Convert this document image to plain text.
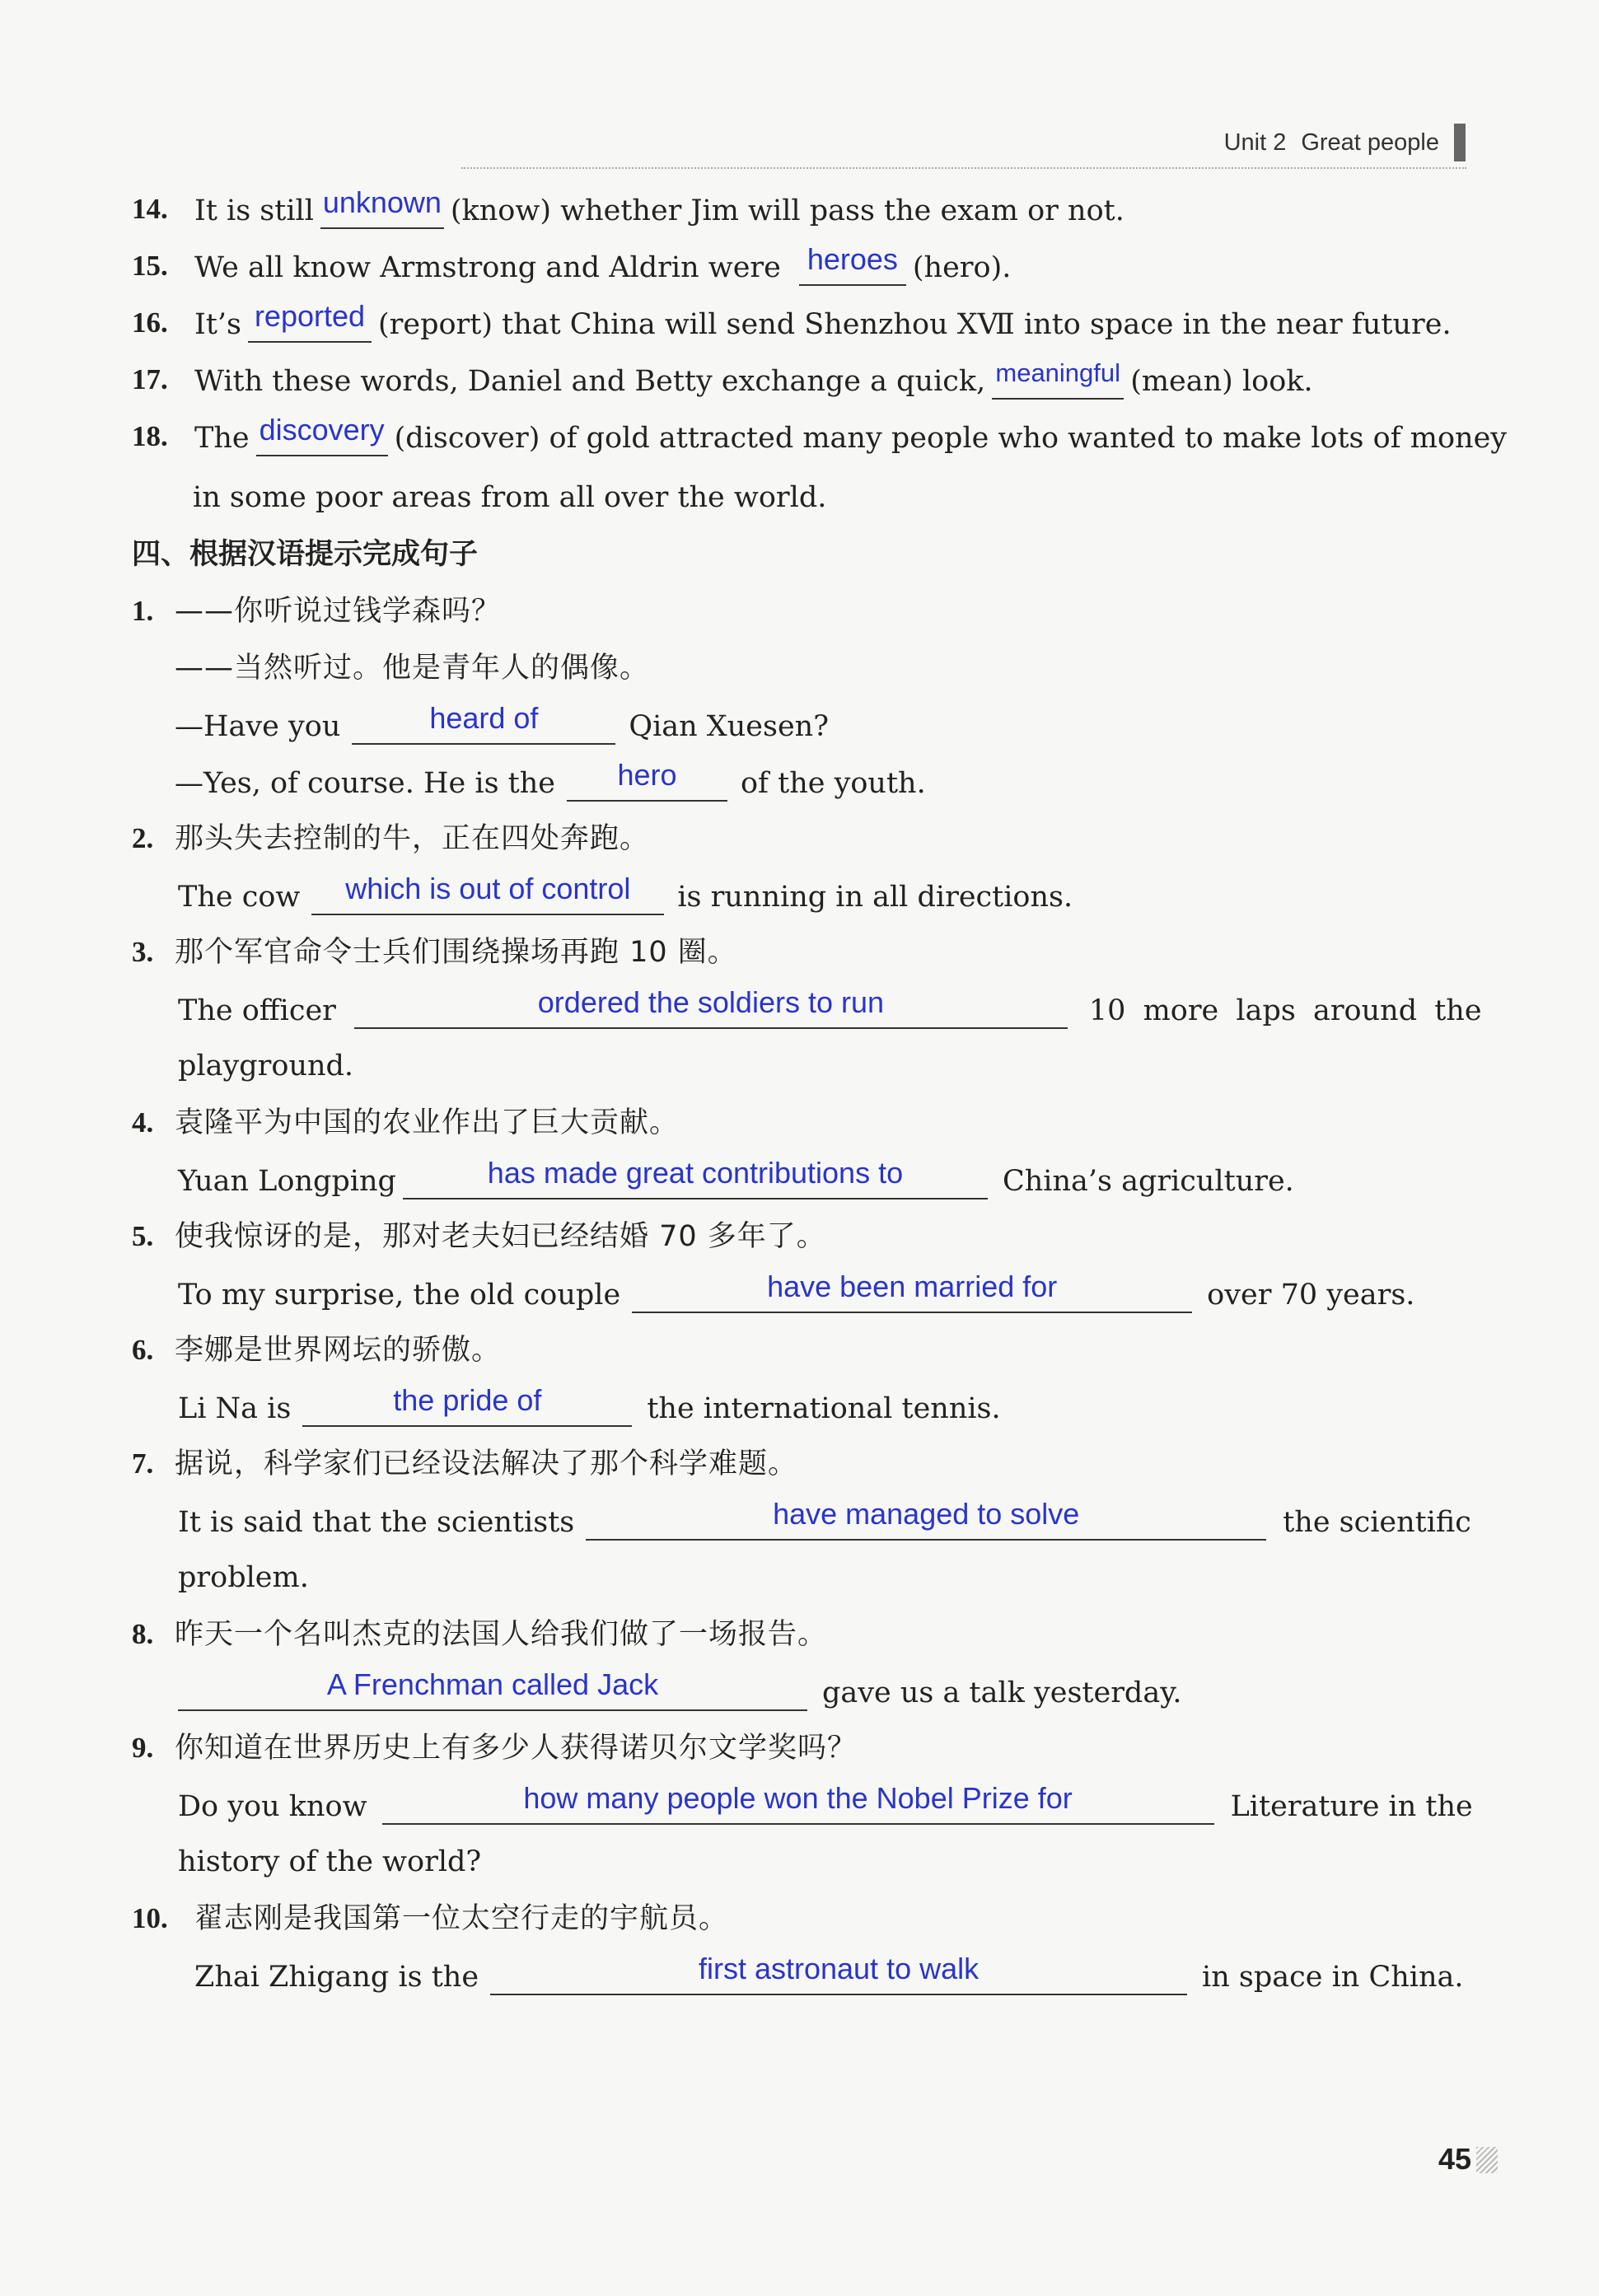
Unit 2 Great people
14. It is still unknown (know) whether Jim will pass the exam or not.
15. We all know Armstrong and Aldrin were heroes (hero).
16. It’s reported (report) that China will send Shenzhou ⅩⅦ into space in the near future.
17. With these words, Daniel and Betty exchange a quick, meaningful (mean) look.
18. The discovery (discover) of gold attracted many people who wanted to make lots of money
in some poor areas from all over the world.
四、根据汉语提示完成句子
1. ——你听说过钱学森吗？
——当然听过。他是青年人的偶像。
—Have you	heard of	Qian Xuesen?
—Yes, of course. He is the	hero	of the youth.
2. 那头失去控制的牛，正在四处奔跑。
The cow	which is out of control	is running in all directions.
3. 那个军官命令士兵们围绕操场再跑 10 圈。
The officer	ordered the soldiers to run	10 more laps around the
playground.
4. 袁隆平为中国的农业作出了巨大贡献。
Yuan Longping	has made great contributions to	China’s agriculture.
5. 使我惊讶的是，那对老夫妇已经结婚 70 多年了。
To my surprise, the old couple	have been married for	over 70 years.
6. 李娜是世界网坛的骄傲。
Li Na is	the pride of	the international tennis.
7. 据说，科学家们已经设法解决了那个科学难题。
It is said that the scientists	have managed to solve	the scientific
problem.
8. 昨天一个名叫杰克的法国人给我们做了一场报告。
A Frenchman called Jack	gave us a talk yesterday.
9. 你知道在世界历史上有多少人获得诺贝尔文学奖吗？
Do you know	how many people won the Nobel Prize for	Literature in the
history of the world?
10. 翟志刚是我国第一位太空行走的宇航员。
Zhai Zhigang is the	first astronaut to walk	in space in China.
45
